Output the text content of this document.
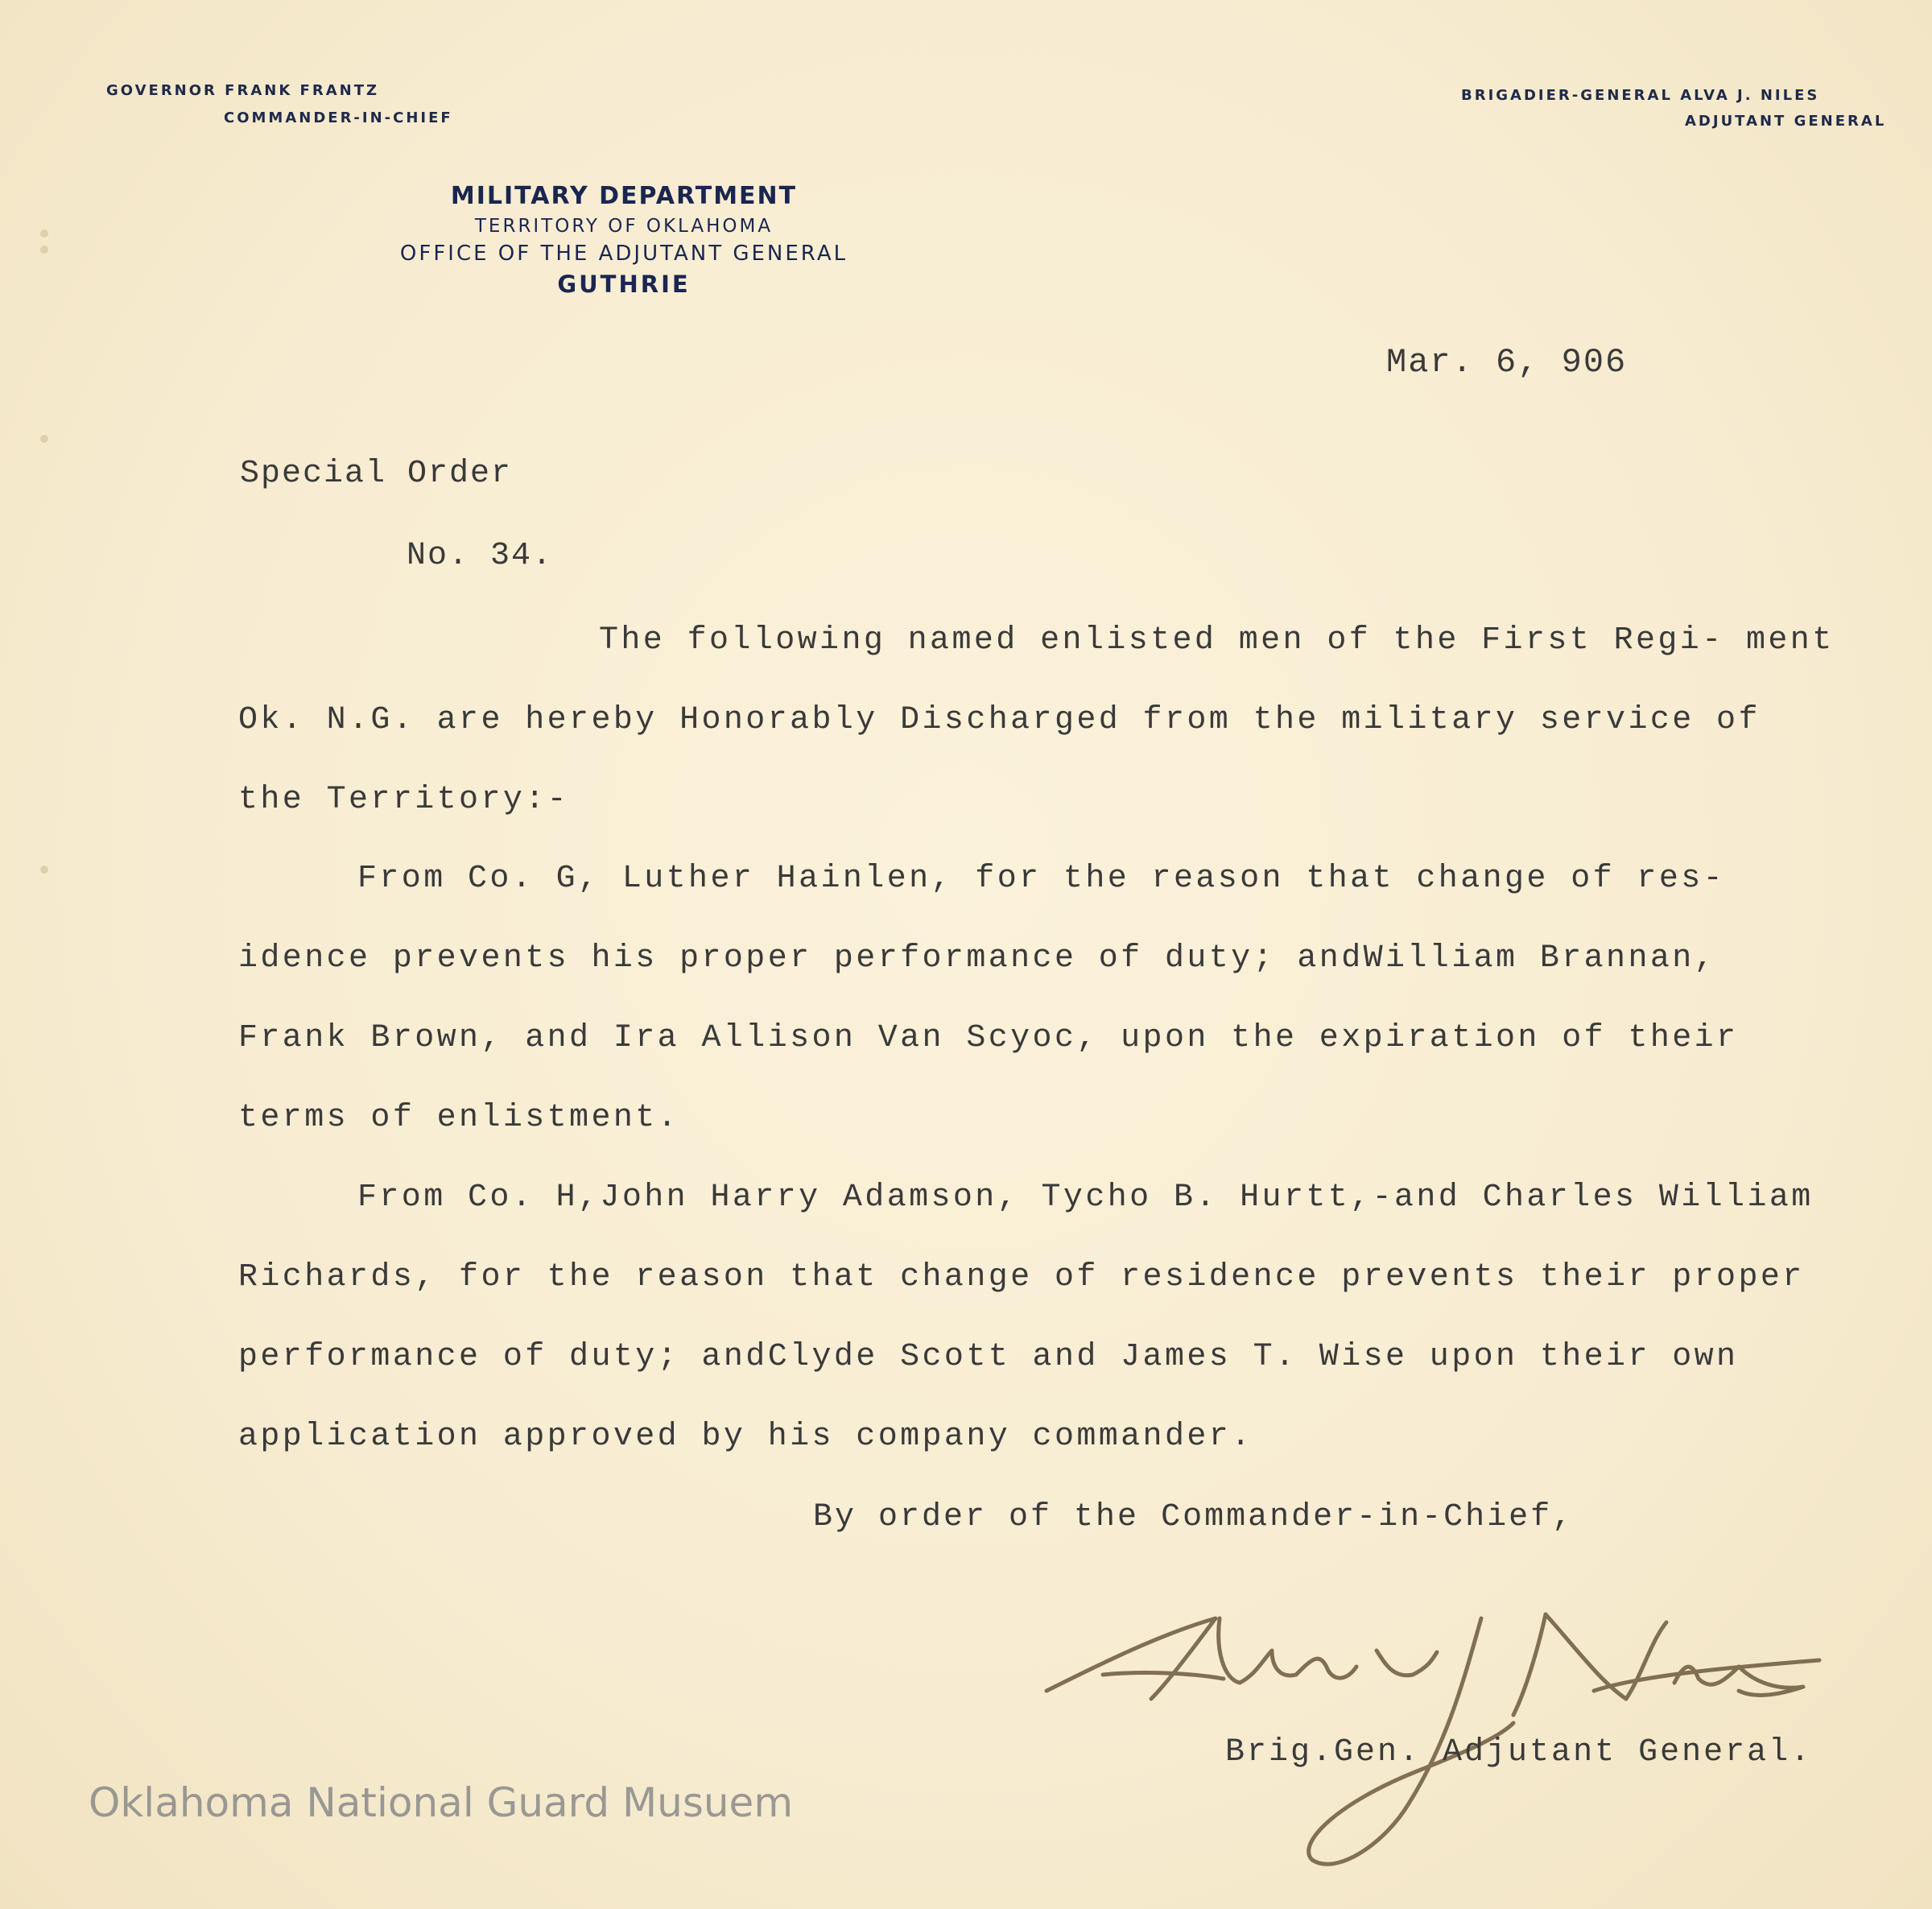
GOVERNOR FRANK FRANTZ
COMMANDER-IN-CHIEF
BRIGADIER-GENERAL ALVA J. NILES
ADJUTANT GENERAL
MILITARY DEPARTMENT
TERRITORY OF OKLAHOMA
OFFICE OF THE ADJUTANT GENERAL
GUTHRIE
Mar. 6, 906
Special Order
No. 34.
The following named enlisted men of the First Regi- ment Ok. N.G. are hereby Honorably Discharged from the military service of the Territory:-
From Co. G, Luther Hainlen, for the reason that change of res- idence prevents his proper performance of duty; andWilliam Brannan, Frank Brown, and Ira Allison Van Scyoc, upon the expiration of their terms of enlistment.
From Co. H,John Harry Adamson, Tycho B. Hurtt,-and Charles William Richards, for the reason that change of residence prevents their proper performance of duty; andClyde Scott and James T. Wise upon their own application approved by his company commander.
By order of the Commander-in-Chief,
Brig.Gen. Adjutant General.
Oklahoma National Guard Musuem
